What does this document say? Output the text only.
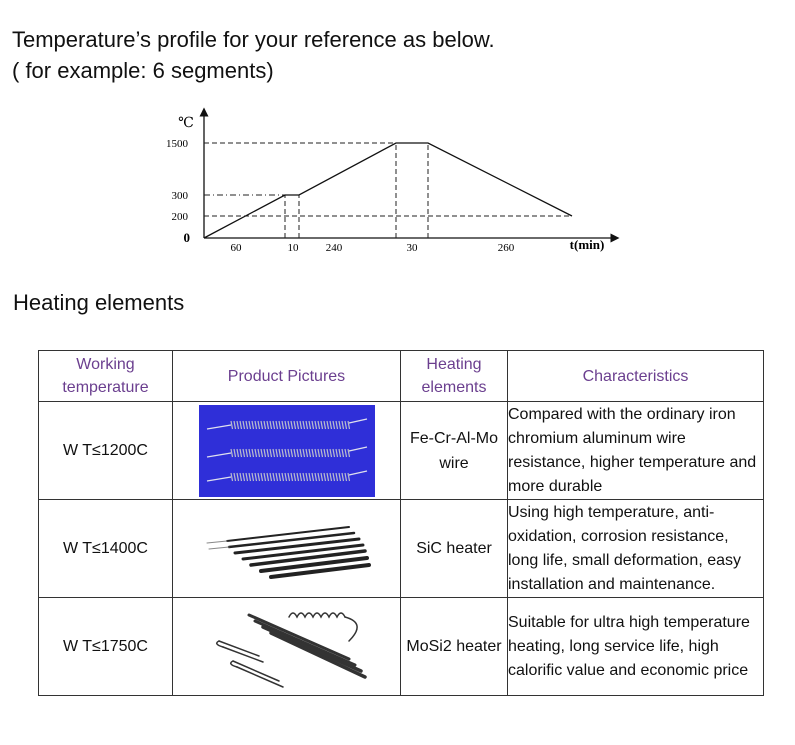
Temperature’s profile for your reference as below.
( for example: 6 segments)
℃
t(min)
1500
300
200
0
60	10 240	30	260
Heating elements
Working temperature	Product Pictures	Heating elements	Characteristics
W T≤1200C		Fe-Cr-Al-Mo wire	Compared with the ordinary iron chromium aluminum wire resistance, higher temperature and more durable
W T≤1400C		SiC heater	Using high temperature, anti-oxidation, corrosion resistance, long life, small deformation, easy installation and maintenance.
W T≤1750C		MoSi2 heater	Suitable for ultra high temperature heating, long service life, high calorific value and economic price
